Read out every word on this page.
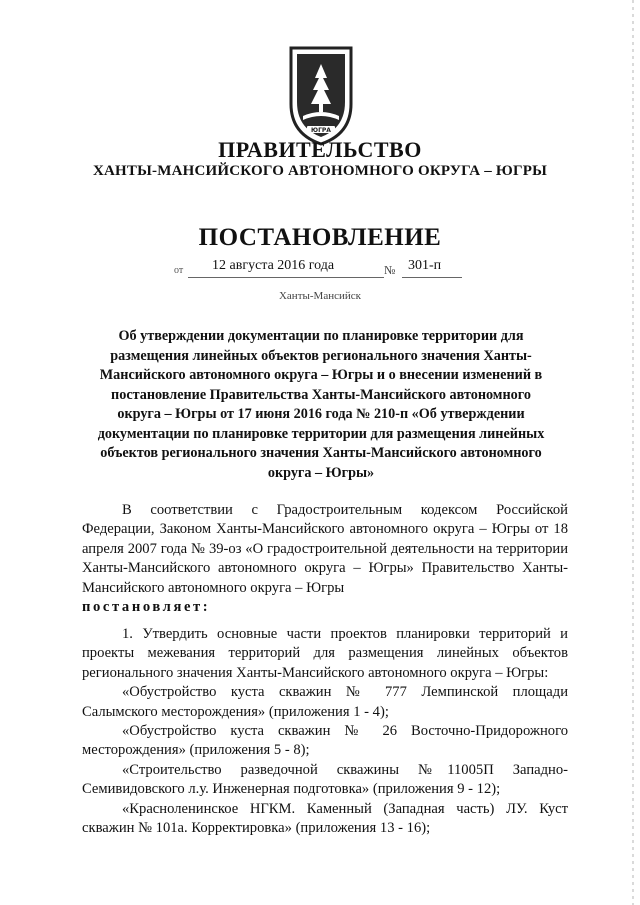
ЮГРА
ПРАВИТЕЛЬСТВО
ХАНТЫ-МАНСИЙСКОГО АВТОНОМНОГО ОКРУГА – ЮГРЫ
ПОСТАНОВЛЕНИЕ
от 12 августа 2016 года	№ 301-п
Ханты-Мансийск

Об утверждении документации по планировке территории для размещения линейных объектов регионального значения Ханты-Мансийского автономного округа – Югры и о внесении изменений в постановление Правительства Ханты-Мансийского автономного округа – Югры от 17 июня 2016 года № 210-п «Об утверждении документации по планировке территории для размещения линейных объектов регионального значения Ханты-Мансийского автономного округа – Югры»

В соответствии с Градостроительным кодексом Российской Федерации, Законом Ханты-Мансийского автономного округа – Югры от 18 апреля 2007 года № 39-оз «О градостроительной деятельности на территории Ханты-Мансийского автономного округа – Югры» Правительство Ханты-Мансийского автономного округа – Югры
постановляет:

1. Утвердить основные части проектов планировки территорий и проекты межевания территорий для размещения линейных объектов регионального значения Ханты-Мансийского автономного округа – Югры:

«Обустройство куста скважин № 777 Лемпинской площади Салымского месторождения» (приложения 1 - 4);

«Обустройство куста скважин № 26 Восточно-Придорожного месторождения» (приложения 5 - 8);

«Строительство разведочной скважины №11005П Западно-Семивидовского л.у. Инженерная подготовка» (приложения 9 - 12);

«Красноленинское НГКМ. Каменный (Западная часть) ЛУ. Куст скважин № 101а. Корректировка» (приложения 13 - 16);
